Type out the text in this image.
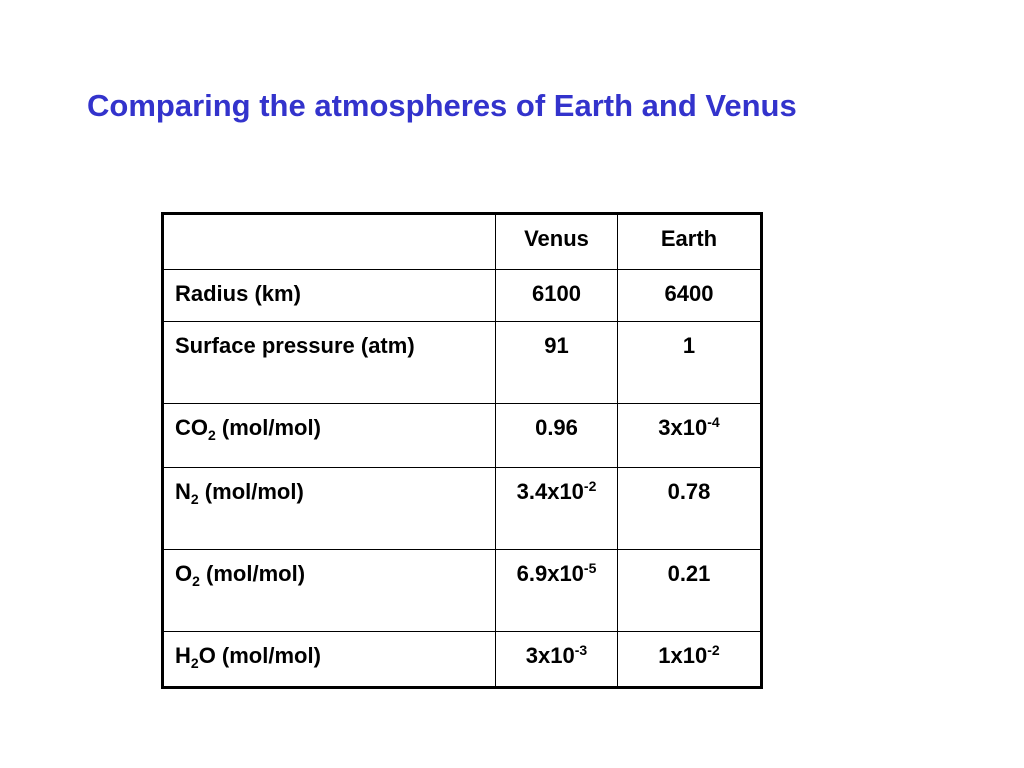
Comparing the atmospheres of Earth and Venus
	Venus	Earth
Radius (km)	6100	6400
Surface pressure (atm)	91	1
$CO_2$ (mol/mol)	0.96	$3x10^{-4}$
$N_2$ (mol/mol)	$3.4x10^{-2}$	0.78
$O_2$ (mol/mol)	$6.9x10^{-5}$	0.21
$H_2O$ (mol/mol)	$3x10^{-3}$	$1x10^{-2}$
